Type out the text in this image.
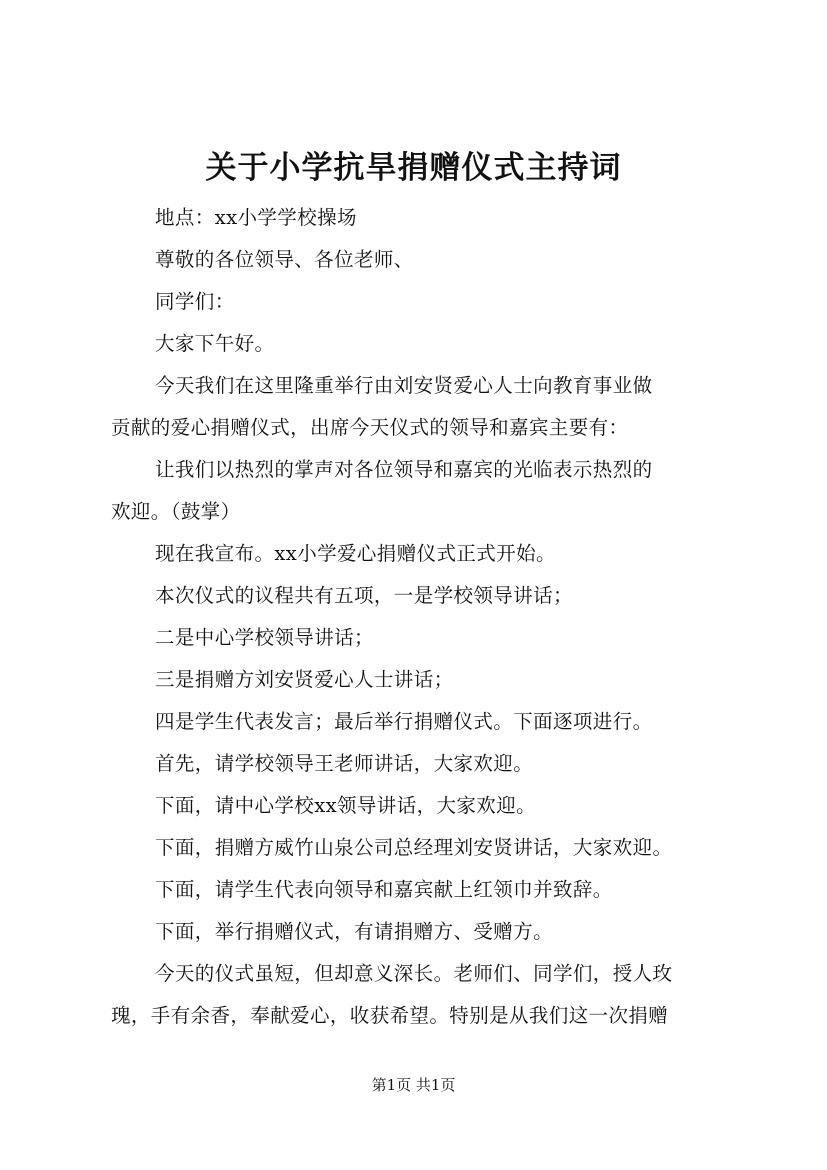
关于小学抗旱捐赠仪式主持词

地点：xx小学学校操场

尊敬的各位领导、各位老师、

同学们：

大家下午好。

今天我们在这里隆重举行由刘安贤爱心人士向教育事业做

贡献的爱心捐赠仪式，出席今天仪式的领导和嘉宾主要有：

让我们以热烈的掌声对各位领导和嘉宾的光临表示热烈的

欢迎。（鼓掌）

现在我宣布。xx小学爱心捐赠仪式正式开始。

本次仪式的议程共有五项，一是学校领导讲话；

二是中心学校领导讲话；

三是捐赠方刘安贤爱心人士讲话；

四是学生代表发言；最后举行捐赠仪式。下面逐项进行。

首先，请学校领导王老师讲话，大家欢迎。

下面，请中心学校xx领导讲话，大家欢迎。

下面，捐赠方威竹山泉公司总经理刘安贤讲话，大家欢迎。

下面，请学生代表向领导和嘉宾献上红领巾并致辞。

下面，举行捐赠仪式，有请捐赠方、受赠方。

今天的仪式虽短，但却意义深长。老师们、同学们，授人玫

瑰，手有余香，奉献爱心，收获希望。特别是从我们这一次捐赠

第1页 共1页
